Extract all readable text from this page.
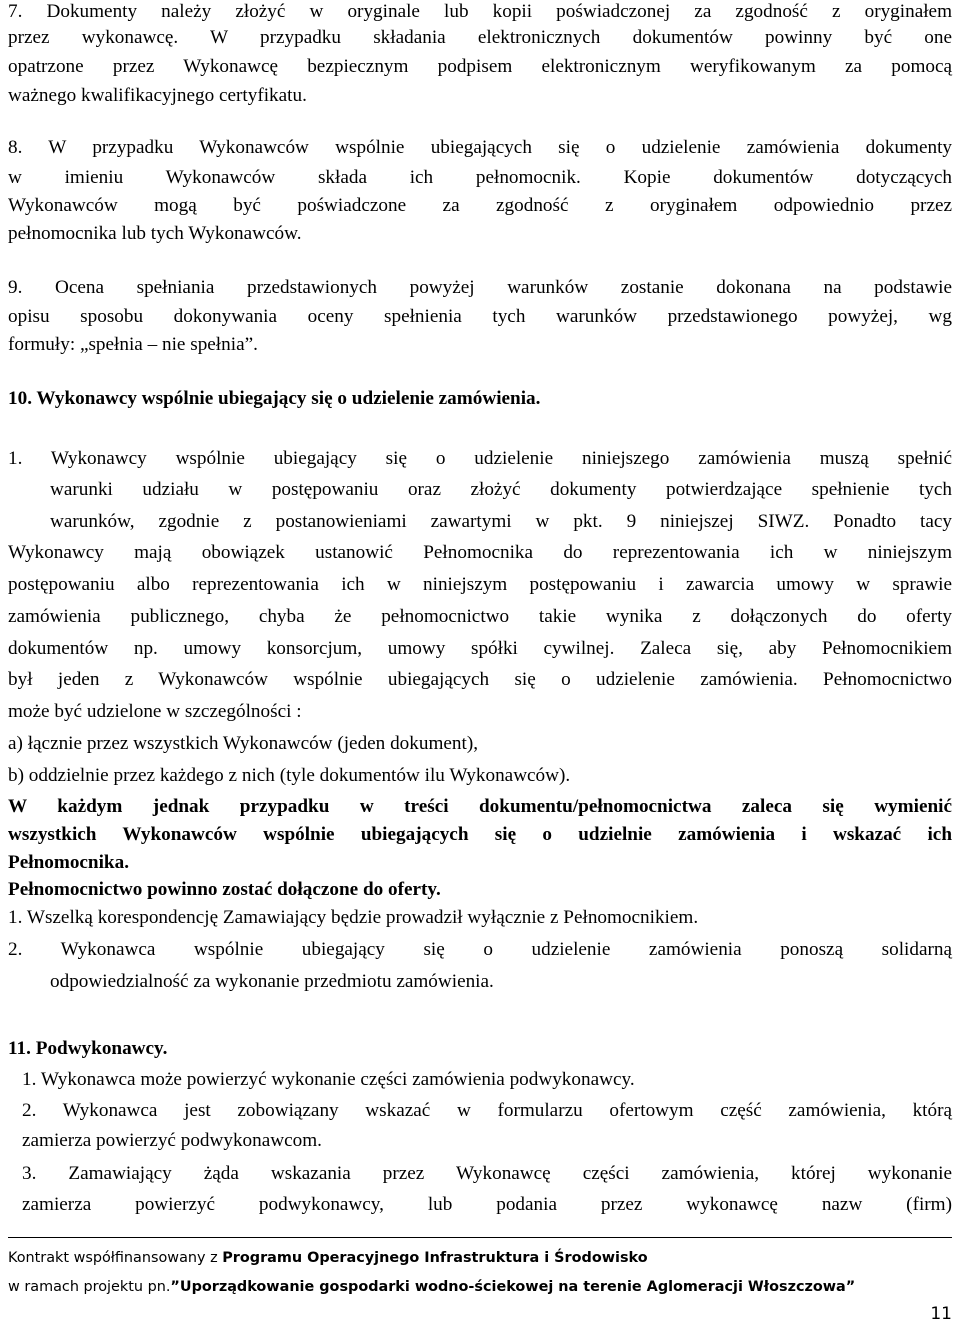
7. Dokumenty należy złożyć w oryginale lub kopii poświadczonej za zgodność z oryginałem
przez wykonawcę. W przypadku składania elektronicznych dokumentów powinny być one
opatrzone przez Wykonawcę bezpiecznym podpisem elektronicznym weryfikowanym za pomocą
ważnego kwalifikacyjnego certyfikatu.
8. W przypadku Wykonawców wspólnie ubiegających się o udzielenie zamówienia dokumenty
w imieniu Wykonawców składa ich pełnomocnik. Kopie dokumentów dotyczących
Wykonawców mogą być poświadczone za zgodność z oryginałem odpowiednio przez
pełnomocnika lub tych Wykonawców.
9. Ocena spełniania przedstawionych powyżej warunków zostanie dokonana na podstawie
opisu sposobu dokonywania oceny spełnienia tych warunków przedstawionego powyżej, wg
formuły: „spełnia – nie spełnia”.
10. Wykonawcy wspólnie ubiegający się o udzielenie zamówienia.
1. Wykonawcy wspólnie ubiegający się o udzielenie niniejszego zamówienia muszą spełnić
warunki udziału w postępowaniu oraz złożyć dokumenty potwierdzające spełnienie tych
warunków, zgodnie z postanowieniami zawartymi w pkt. 9 niniejszej SIWZ. Ponadto tacy
Wykonawcy mają obowiązek ustanowić Pełnomocnika do reprezentowania ich w niniejszym
postępowaniu albo reprezentowania ich w niniejszym postępowaniu i zawarcia umowy w sprawie
zamówienia publicznego, chyba że pełnomocnictwo takie wynika z dołączonych do oferty
dokumentów np. umowy konsorcjum, umowy spółki cywilnej. Zaleca się, aby Pełnomocnikiem
był jeden z Wykonawców wspólnie ubiegających się o udzielenie zamówienia. Pełnomocnictwo
może być udzielone w szczególności :
a) łącznie przez wszystkich Wykonawców (jeden dokument),
b) oddzielnie przez każdego z nich (tyle dokumentów ilu Wykonawców).
W każdym jednak przypadku w treści dokumentu/pełnomocnictwa zaleca się wymienić
wszystkich Wykonawców wspólnie ubiegających się o udzielnie zamówienia i wskazać ich
Pełnomocnika.
Pełnomocnictwo powinno zostać dołączone do oferty.
1. Wszelką korespondencję Zamawiający będzie prowadził wyłącznie z Pełnomocnikiem.
2. Wykonawca wspólnie ubiegający się o udzielenie zamówienia ponoszą solidarną
odpowiedzialność za wykonanie przedmiotu zamówienia.
11. Podwykonawcy.
1. Wykonawca może powierzyć wykonanie części zamówienia podwykonawcy.
2. Wykonawca jest zobowiązany wskazać w formularzu ofertowym część zamówienia, którą
zamierza powierzyć podwykonawcom.
3. Zamawiający żąda wskazania przez Wykonawcę części zamówienia, której wykonanie
zamierza powierzyć podwykonawcy, lub podania przez wykonawcę nazw (firm)
Kontrakt współfinansowany z Programu Operacyjnego Infrastruktura i Środowisko
w ramach projektu pn.”Uporządkowanie gospodarki wodno-ściekowej na terenie Aglomeracji Włoszczowa”
11
